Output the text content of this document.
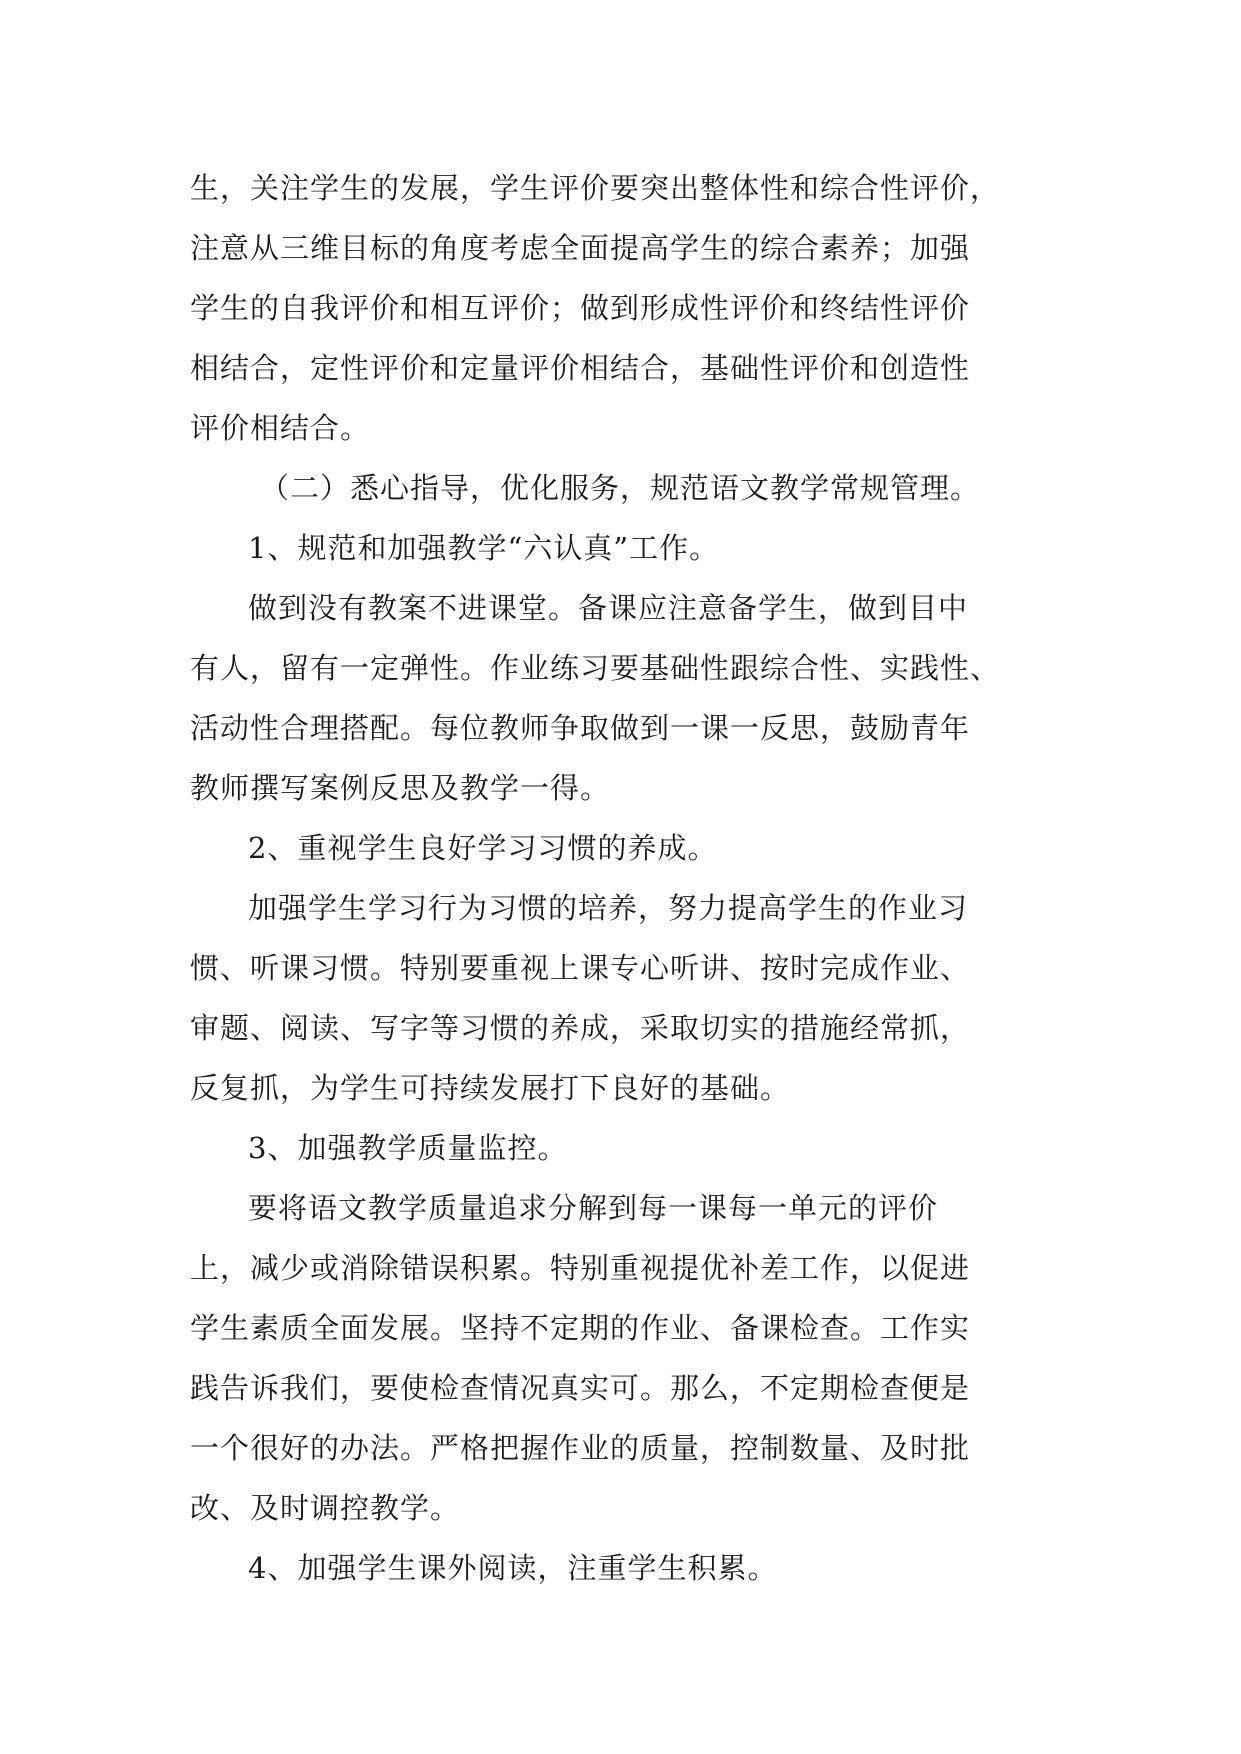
生，关注学生的发展，学生评价要突出整体性和综合性评价，
注意从三维目标的角度考虑全面提高学生的综合素养；加强
学生的自我评价和相互评价；做到形成性评价和终结性评价
相结合，定性评价和定量评价相结合，基础性评价和创造性
评价相结合。
（二）悉心指导，优化服务，规范语文教学常规管理。
1、规范和加强教学“六认真”工作。
做到没有教案不进课堂。备课应注意备学生，做到目中
有人，留有一定弹性。作业练习要基础性跟综合性、实践性、
活动性合理搭配。每位教师争取做到一课一反思，鼓励青年
教师撰写案例反思及教学一得。
2、重视学生良好学习习惯的养成。
加强学生学习行为习惯的培养，努力提高学生的作业习
惯、听课习惯。特别要重视上课专心听讲、按时完成作业、
审题、阅读、写字等习惯的养成，采取切实的措施经常抓，
反复抓，为学生可持续发展打下良好的基础。
3、加强教学质量监控。
要将语文教学质量追求分解到每一课每一单元的评价
上，减少或消除错误积累。特别重视提优补差工作，以促进
学生素质全面发展。坚持不定期的作业、备课检查。工作实
践告诉我们，要使检查情况真实可。那么，不定期检查便是
一个很好的办法。严格把握作业的质量，控制数量、及时批
改、及时调控教学。
4、加强学生课外阅读，注重学生积累。
